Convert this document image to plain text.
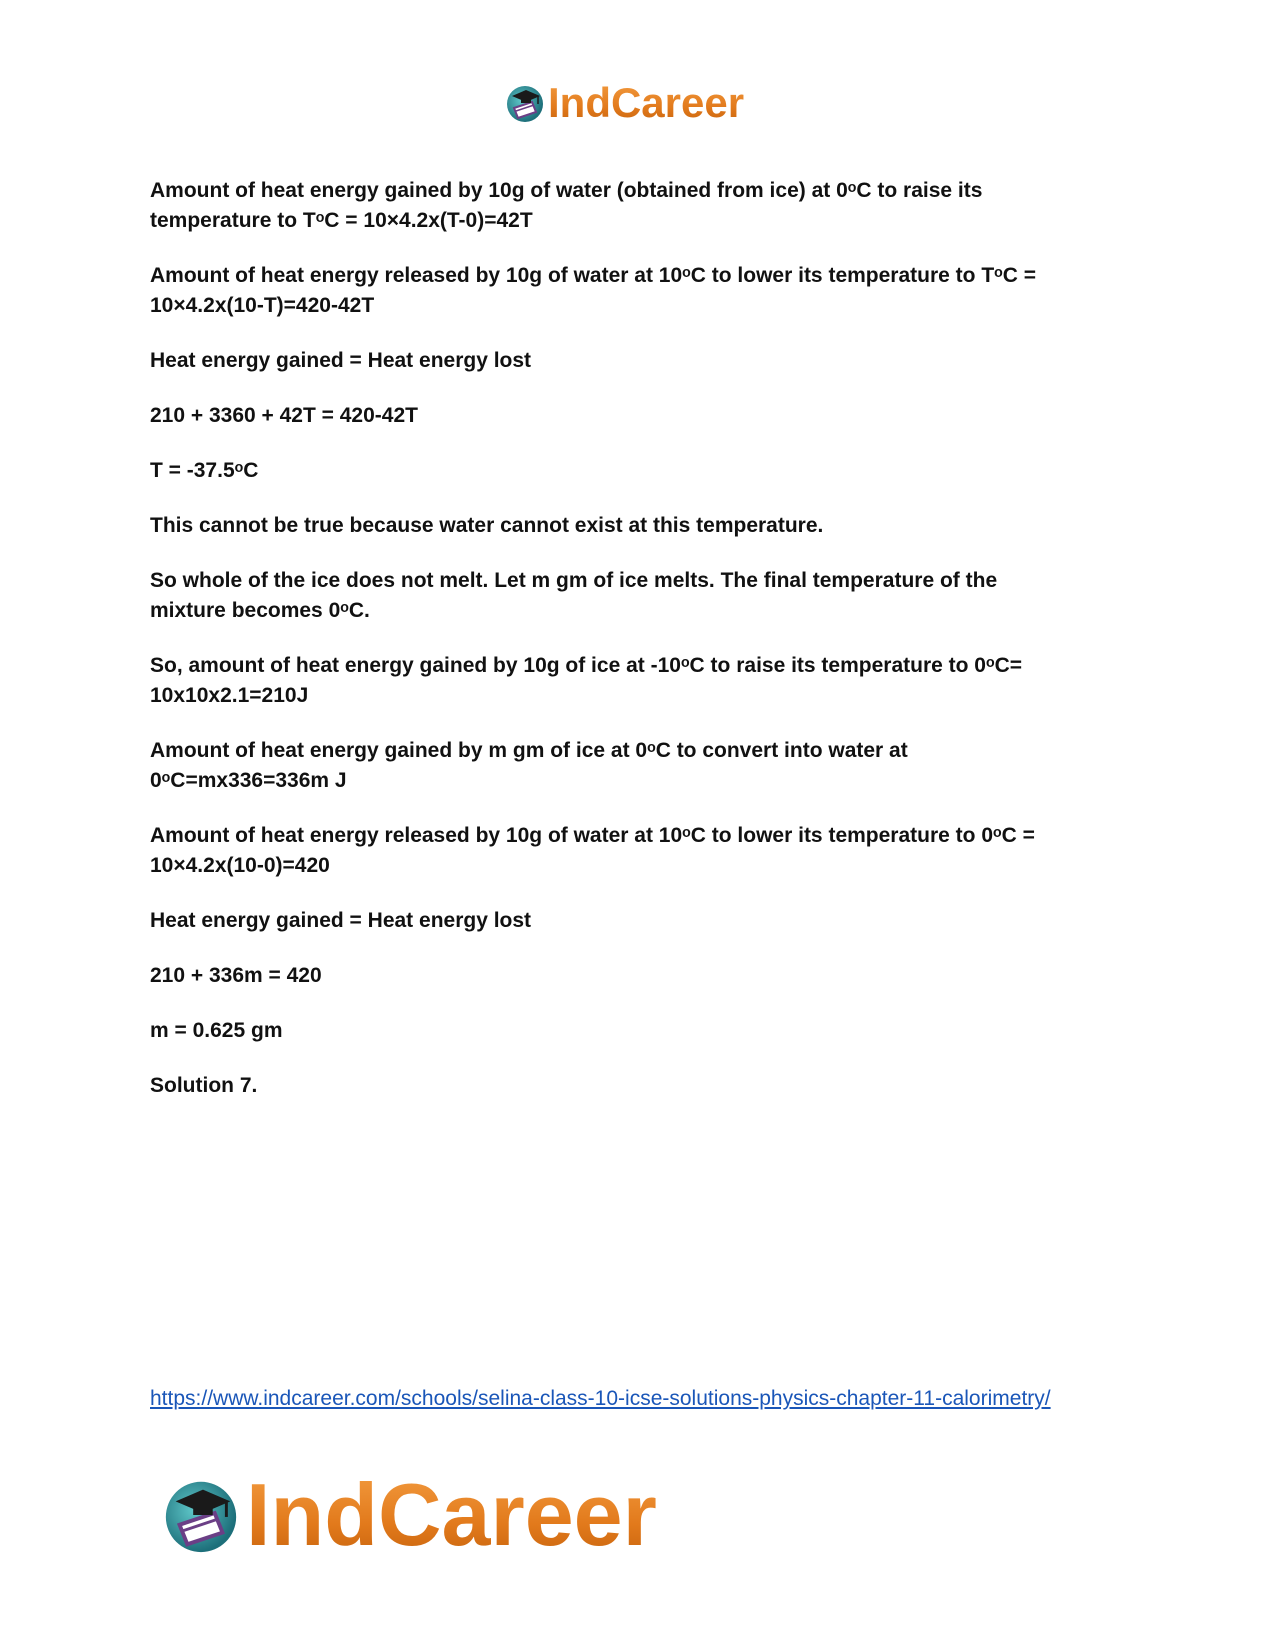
IndCareer

Amount of heat energy gained by 10g of water (obtained from ice) at 0ᵒC to raise its
temperature to TᵒC = 10×4.2x(T-0)=42T

Amount of heat energy released by 10g of water at 10ᵒC to lower its temperature to TᵒC =
10×4.2x(10-T)=420-42T

Heat energy gained = Heat energy lost

210 + 3360 + 42T = 420-42T

T = -37.5ᵒC

This cannot be true because water cannot exist at this temperature.

So whole of the ice does not melt. Let m gm of ice melts. The final temperature of the
mixture becomes 0ᵒC.

So, amount of heat energy gained by 10g of ice at -10ᵒC to raise its temperature to 0ᵒC=
10x10x2.1=210J

Amount of heat energy gained by m gm of ice at 0ᵒC to convert into water at
0ᵒC=mx336=336m J

Amount of heat energy released by 10g of water at 10ᵒC to lower its temperature to 0ᵒC =
10×4.2x(10-0)=420

Heat energy gained = Heat energy lost

210 + 336m = 420

m = 0.625 gm

Solution 7.

https://www.indcareer.com/schools/selina-class-10-icse-solutions-physics-chapter-11-calorimetry/
IndCareer
